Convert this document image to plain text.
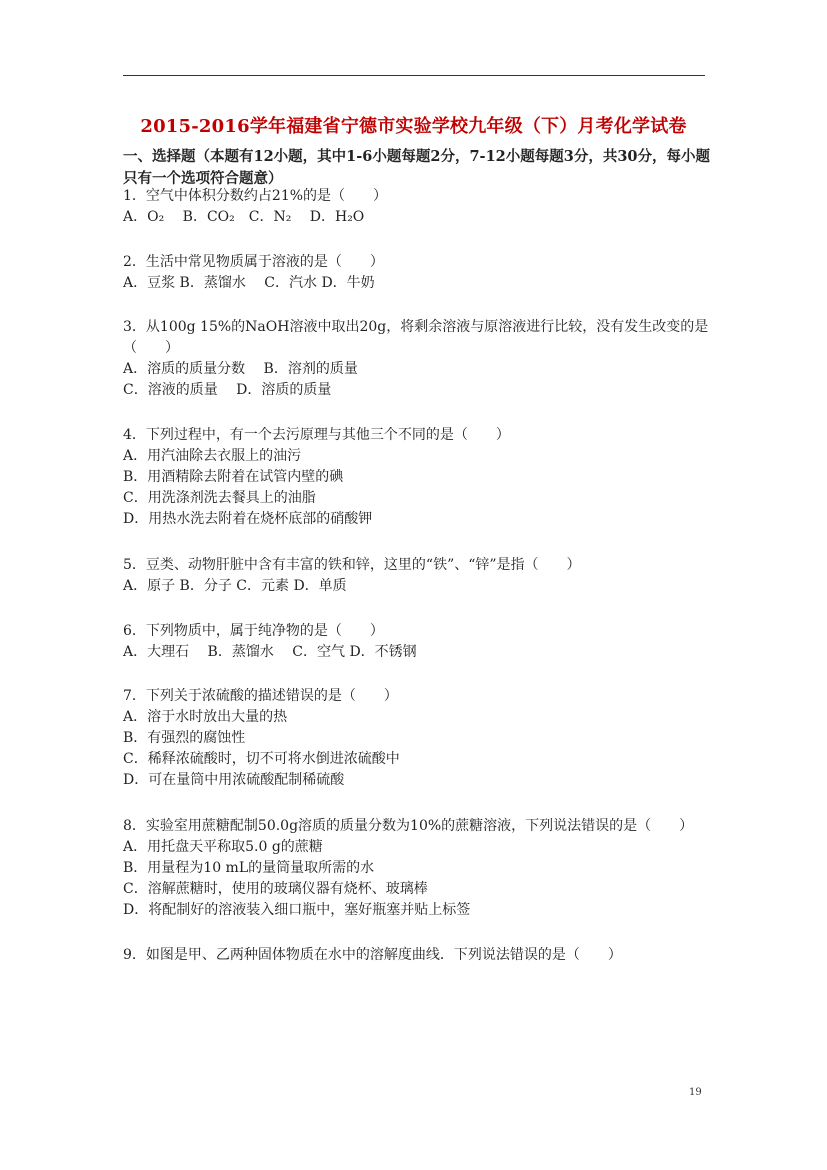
2015-2016学年福建省宁德市实验学校九年级（下）月考化学试卷
一、选择题（本题有12小题，其中1-6小题每题2分，7-12小题每题3分，共30分，每小题只有一个选项符合题意）
1．空气中体积分数约占21%的是（　　）
A．O₂　 B．CO₂　C．N₂　 D．H₂O
2．生活中常见物质属于溶液的是（　　）
A．豆浆 B．蒸馏水　 C．汽水 D．牛奶
3．从100g 15%的NaOH溶液中取出20g，将剩余溶液与原溶液进行比较，没有发生改变的是（　　）
A．溶质的质量分数　 B．溶剂的质量
C．溶液的质量　 D．溶质的质量
4．下列过程中，有一个去污原理与其他三个不同的是（　　）
A．用汽油除去衣服上的油污
B．用酒精除去附着在试管内壁的碘
C．用洗涤剂洗去餐具上的油脂
D．用热水洗去附着在烧杯底部的硝酸钾
5．豆类、动物肝脏中含有丰富的铁和锌，这里的“铁”、“锌”是指（　　）
A．原子 B．分子 C．元素 D．单质
6．下列物质中，属于纯净物的是（　　）
A．大理石　 B．蒸馏水　 C．空气 D．不锈钢
7．下列关于浓硫酸的描述错误的是（　　）
A．溶于水时放出大量的热
B．有强烈的腐蚀性
C．稀释浓硫酸时，切不可将水倒进浓硫酸中
D．可在量筒中用浓硫酸配制稀硫酸
8．实验室用蔗糖配制50.0g溶质的质量分数为10%的蔗糖溶液，下列说法错误的是（　　）
A．用托盘天平称取5.0 g的蔗糖
B．用量程为10 mL的量筒量取所需的水
C．溶解蔗糖时，使用的玻璃仪器有烧杯、玻璃棒
D．将配制好的溶液装入细口瓶中，塞好瓶塞并贴上标签
9．如图是甲、乙两种固体物质在水中的溶解度曲线．下列说法错误的是（　　）
19
